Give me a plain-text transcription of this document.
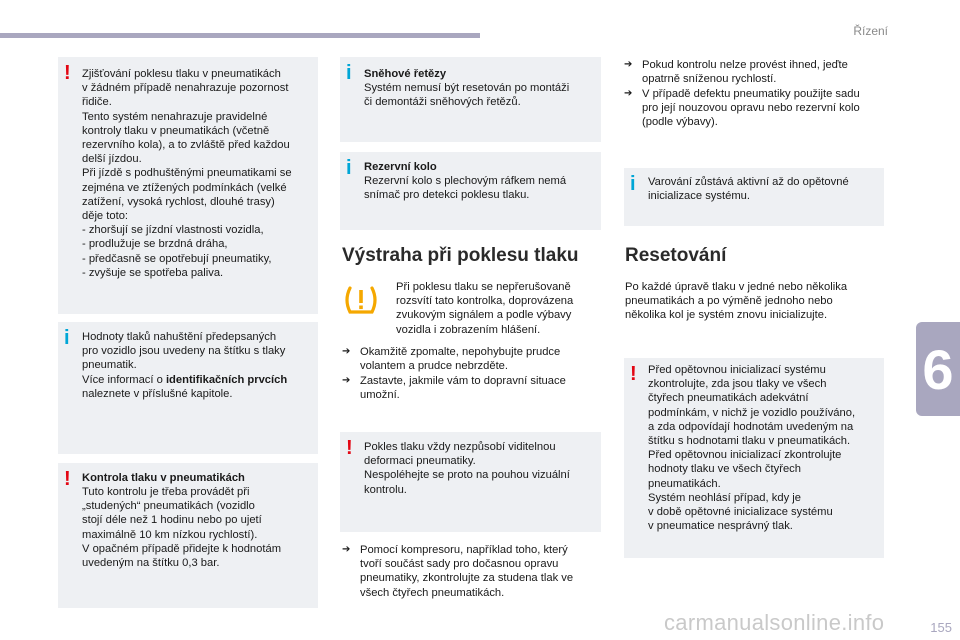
Řízení
6
155
carmanualsonline.info
! Zjišťování poklesu tlaku v pneumatikách
v žádném případě nenahrazuje pozornost
řidiče.
Tento systém nenahrazuje pravidelné
kontroly tlaku v pneumatikách (včetně
rezervního kola), a to zvláště před každou
delší jízdou.
Při jízdě s podhuštěnými pneumatikami se
zejména ve ztížených podmínkách (velké
zatížení, vysoká rychlost, dlouhé trasy)
děje toto:
- zhoršují se jízdní vlastnosti vozidla,
- prodlužuje se brzdná dráha,
- předčasně se opotřebují pneumatiky,
- zvyšuje se spotřeba paliva.
i Hodnoty tlaků nahuštění předepsaných
pro vozidlo jsou uvedeny na štítku s tlaky
pneumatik.
Více informací o identifikačních prvcích
naleznete v příslušné kapitole.
! Kontrola tlaku v pneumatikách
Tuto kontrolu je třeba provádět při
„studených“ pneumatikách (vozidlo
stojí déle než 1 hodinu nebo po ujetí
maximálně 10 km nízkou rychlostí).
V opačném případě přidejte k hodnotám
uvedeným na štítku 0,3 bar.
i Sněhové řetězy
Systém nemusí být resetován po montáži
či demontáži sněhových řetězů.
i Rezervní kolo
Rezervní kolo s plechovým ráfkem nemá
snímač pro detekci poklesu tlaku.
Výstraha při poklesu tlaku
Při poklesu tlaku se nepřerušovaně
rozsvítí tato kontrolka, doprovázena
zvukovým signálem a podle výbavy
vozidla i zobrazením hlášení.
➔ Okamžitě zpomalte, nepohybujte prudce
volantem a prudce nebrzděte.
➔ Zastavte, jakmile vám to dopravní situace
umožní.
! Pokles tlaku vždy nezpůsobí viditelnou
deformaci pneumatiky.
Nespoléhejte se proto na pouhou vizuální
kontrolu.
➔ Pomocí kompresoru, například toho, který
tvoří součást sady pro dočasnou opravu
pneumatiky, zkontrolujte za studena tlak ve
všech čtyřech pneumatikách.
➔ Pokud kontrolu nelze provést ihned, jeďte
opatrně sníženou rychlostí.
➔ V případě defektu pneumatiky použijte sadu
pro její nouzovou opravu nebo rezervní kolo
(podle výbavy).
i Varování zůstává aktivní až do opětovné
inicializace systému.
Resetování
Po každé úpravě tlaku v jedné nebo několika
pneumatikách a po výměně jednoho nebo
několika kol je systém znovu inicializujte.
! Před opětovnou inicializací systému
zkontrolujte, zda jsou tlaky ve všech
čtyřech pneumatikách adekvátní
podmínkám, v nichž je vozidlo používáno,
a zda odpovídají hodnotám uvedeným na
štítku s hodnotami tlaku v pneumatikách.
Před opětovnou inicializací zkontrolujte
hodnoty tlaku ve všech čtyřech
pneumatikách.
Systém neohlásí případ, kdy je
v době opětovné inicializace systému
v pneumatice nesprávný tlak.
